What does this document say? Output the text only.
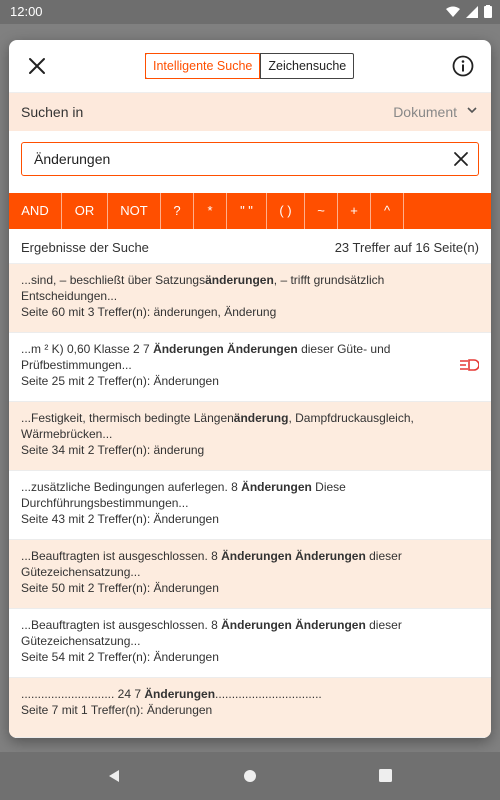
12:00
Intelligente Suche	Zeichensuche
Suchen in	Dokument
Änderungen
AND	OR	NOT	?	*	" "	( )	~	+	^
Ergebnisse der Suche	23 Treffer auf 16 Seite(n)
...sind, – beschließt über Satzungsänderungen, – trifft grundsätzlich Entscheidungen...
Seite 60 mit 3 Treffer(n): änderungen, Änderung
...m ² K) 0,60 Klasse 2 7 Änderungen Änderungen dieser Güte- und Prüfbestimmungen...
Seite 25 mit 2 Treffer(n): Änderungen
...Festigkeit, thermisch bedingte Längenänderung, Dampfdruckausgleich, Wärmebrücken...
Seite 34 mit 2 Treffer(n): änderung
...zusätzliche Bedingungen auferlegen. 8 Änderungen Diese Durchführungsbestimmungen...
Seite 43 mit 2 Treffer(n): Änderungen
...Beauftragten ist ausgeschlossen. 8 Änderungen Änderungen dieser Gütezeichensatzung...
Seite 50 mit 2 Treffer(n): Änderungen
...Beauftragten ist ausgeschlossen. 8 Änderungen Änderungen dieser Gütezeichensatzung...
Seite 54 mit 2 Treffer(n): Änderungen
............................ 24 7 Änderungen................................
Seite 7 mit 1 Treffer(n): Änderungen
